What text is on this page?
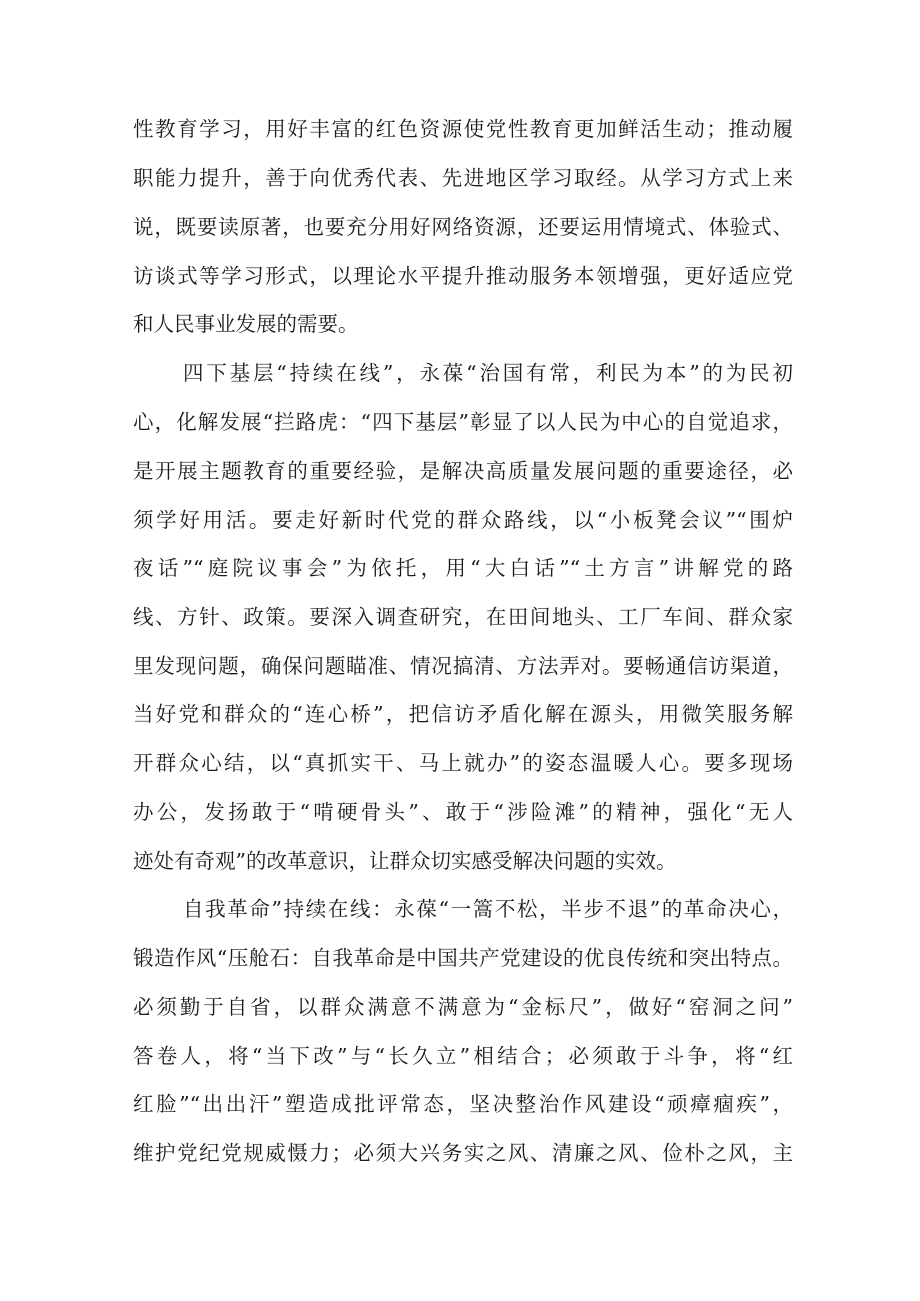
性教育学习，用好丰富的红色资源使党性教育更加鲜活生动；推动履
职能力提升，善于向优秀代表、先进地区学习取经。从学习方式上来
说，既要读原著，也要充分用好网络资源，还要运用情境式、体验式、
访谈式等学习形式，以理论水平提升推动服务本领增强，更好适应党
和人民事业发展的需要。
四下基层“持续在线”，永葆“治国有常，利民为本”的为民初
心，化解发展“拦路虎：“四下基层”彰显了以人民为中心的自觉追求，
是开展主题教育的重要经验，是解决高质量发展问题的重要途径，必
须学好用活。要走好新时代党的群众路线，以“小板凳会议”“围炉
夜话”“庭院议事会”为依托，用“大白话”“土方言”讲解党的路
线、方针、政策。要深入调查研究，在田间地头、工厂车间、群众家
里发现问题，确保问题瞄准、情况搞清、方法弄对。要畅通信访渠道，
当好党和群众的“连心桥”，把信访矛盾化解在源头，用微笑服务解
开群众心结，以“真抓实干、马上就办”的姿态温暖人心。要多现场
办公，发扬敢于“啃硬骨头”、敢于“涉险滩”的精神，强化“无人
迹处有奇观”的改革意识，让群众切实感受解决问题的实效。
自我革命”持续在线：永葆“一篙不松，半步不退”的革命决心，
锻造作风“压舱石：自我革命是中国共产党建设的优良传统和突出特点。
必须勤于自省，以群众满意不满意为“金标尺”，做好“窑洞之问”
答卷人，将“当下改”与“长久立”相结合；必须敢于斗争，将“红
红脸”“出出汗”塑造成批评常态，坚决整治作风建设“顽瘴痼疾”，
维护党纪党规威慑力；必须大兴务实之风、清廉之风、俭朴之风，主
